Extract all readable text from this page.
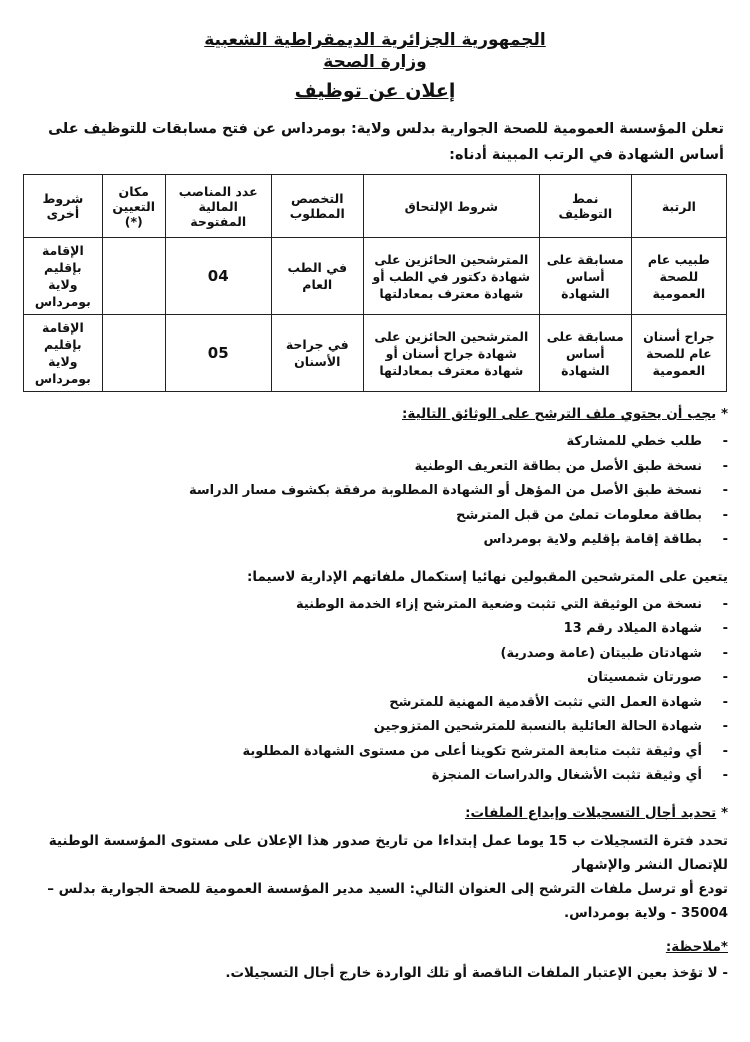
الجمهورية الجزائرية الديمقراطية الشعبية
وزارة الصحة
إعلان عن توظيف

تعلن المؤسسة العمومية للصحة الجوارية بدلس ولاية: بومرداس عن فتح مسابقات للتوظيف على أساس الشهادة في الرتب المبينة أدناه:

الرتبة	نمط التوظيف	شروط الإلتحاق	التخصص المطلوب	عدد المناصب المالية المفتوحة	مكان التعيين (*)	شروط أخرى
طبيب عام للصحة العمومية	مسابقة على أساس الشهادة	المترشحين الحائزين على شهادة دكتور في الطب أو شهادة معترف بمعادلتها	في الطب العام	04		الإقامة بإقليم ولاية بومرداس
جراح أسنان عام للصحة العمومية	مسابقة على أساس الشهادة	المترشحين الحائزين على شهادة جراح أسنان أو شهادة معترف بمعادلتها	في جراحة الأسنان	05		الإقامة بإقليم ولاية بومرداس
* يجب أن يحتوي ملف الترشح على الوثائق التالية:
- طلب خطي للمشاركة
- نسخة طبق الأصل من بطاقة التعريف الوطنية
- نسخة طبق الأصل من المؤهل أو الشهادة المطلوبة مرفقة بكشوف مسار الدراسة
- بطاقة معلومات تملئ من قبل المترشح
- بطاقة إقامة بإقليم ولاية بومرداس
يتعين على المترشحين المقبولين نهائيا إستكمال ملفاتهم الإدارية لاسيما:
- نسخة من الوثيقة التي تثبت وضعية المترشح إزاء الخدمة الوطنية
- شهادة الميلاد رقم 13
- شهادتان طبيتان (عامة وصدرية)
- صورتان شمسيتان
- شهادة العمل التي تثبت الأقدمية المهنية للمترشح
- شهادة الحالة العائلية بالنسبة للمترشحين المتزوجين
- أي وثيقة تثبت متابعة المترشح تكوينا أعلى من مستوى الشهادة المطلوبة
- أي وثيقة تثبت الأشغال والدراسات المنجزة
* تحديد أجال التسجيلات وإيداع الملفات:

تحدد فترة التسجيلات ب 15 يوما عمل إبتداءا من تاريخ صدور هذا الإعلان على مستوى المؤسسة الوطنية للإتصال النشر والإشهار

تودع أو ترسل ملفات الترشح إلى العنوان التالي: السيد مدير المؤسسة العمومية للصحة الجوارية بدلس – 35004 - ولاية بومرداس.

*ملاحظة:

- لا تؤخذ بعين الإعتبار الملفات الناقصة أو تلك الواردة خارج أجال التسجيلات.
